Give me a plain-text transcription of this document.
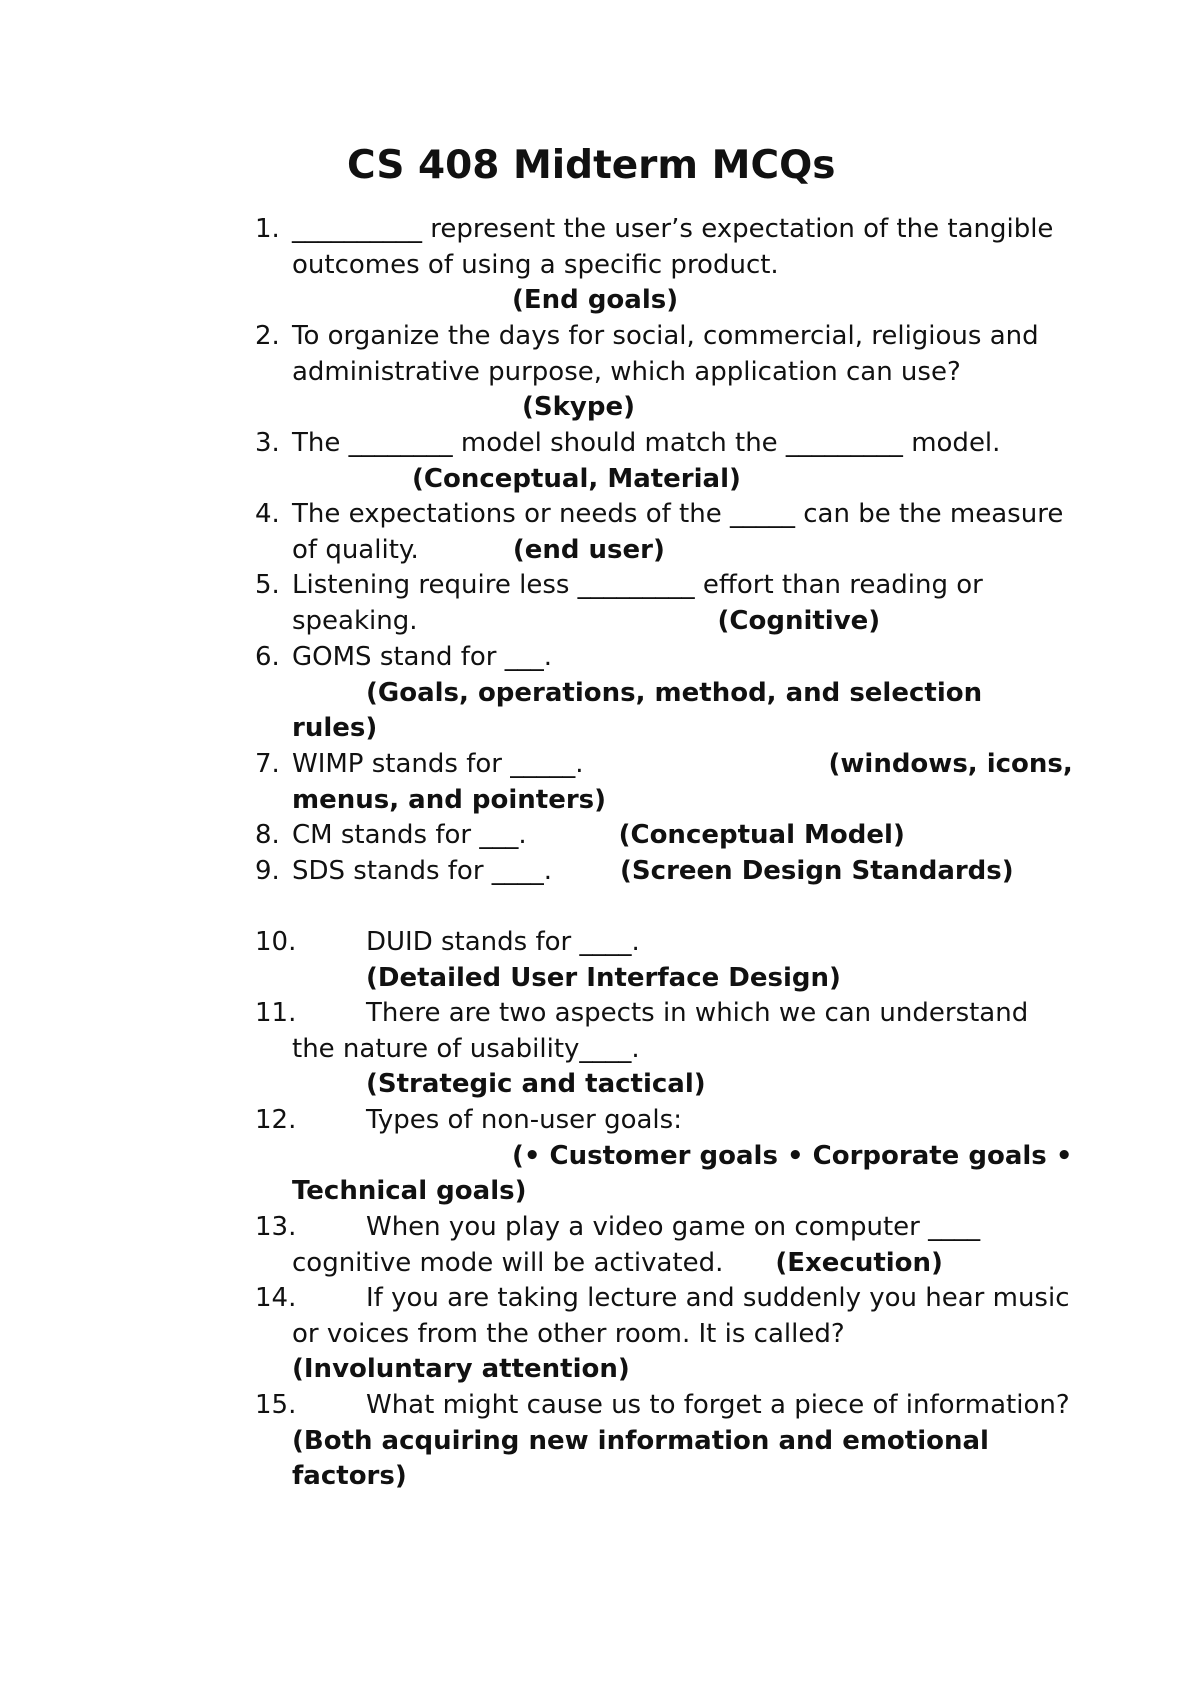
CS 408 Midterm MCQs
1. __________ represent the user’s expectation of the tangible outcomes of using a specific product.
(End goals)
2. To organize the days for social, commercial, religious and administrative purpose, which application can use?(Skype)
3. The ________ model should match the _________ model.(Conceptual, Material)
4. The expectations or needs of the _____ can be the measure of quality.	(end user)
5. Listening require less _________ effort than reading or speaking.	(Cognitive)
6. GOMS stand for ___.
(Goals, operations, method, and selection rules)
7. WIMP stands for _____.	(windows, icons, menus, and pointers)
8. CM stands for ___.	(Conceptual Model)
9. SDS stands for ____.	(Screen Design Standards)
10.	DUID stands for ____.
(Detailed User Interface Design)
11.	There are two aspects in which we can understand the nature of usability____.
(Strategic and tactical)
12.	Types of non-user goals:
(• Customer goals • Corporate goals • Technical goals)
13.	When you play a video game on computer ____ cognitive mode will be activated. (Execution)
14.	If you are taking lecture and suddenly you hear music or voices from the other room. It is called?
(Involuntary attention)
15.	What might cause us to forget a piece of information? (Both acquiring new information and emotional factors)
